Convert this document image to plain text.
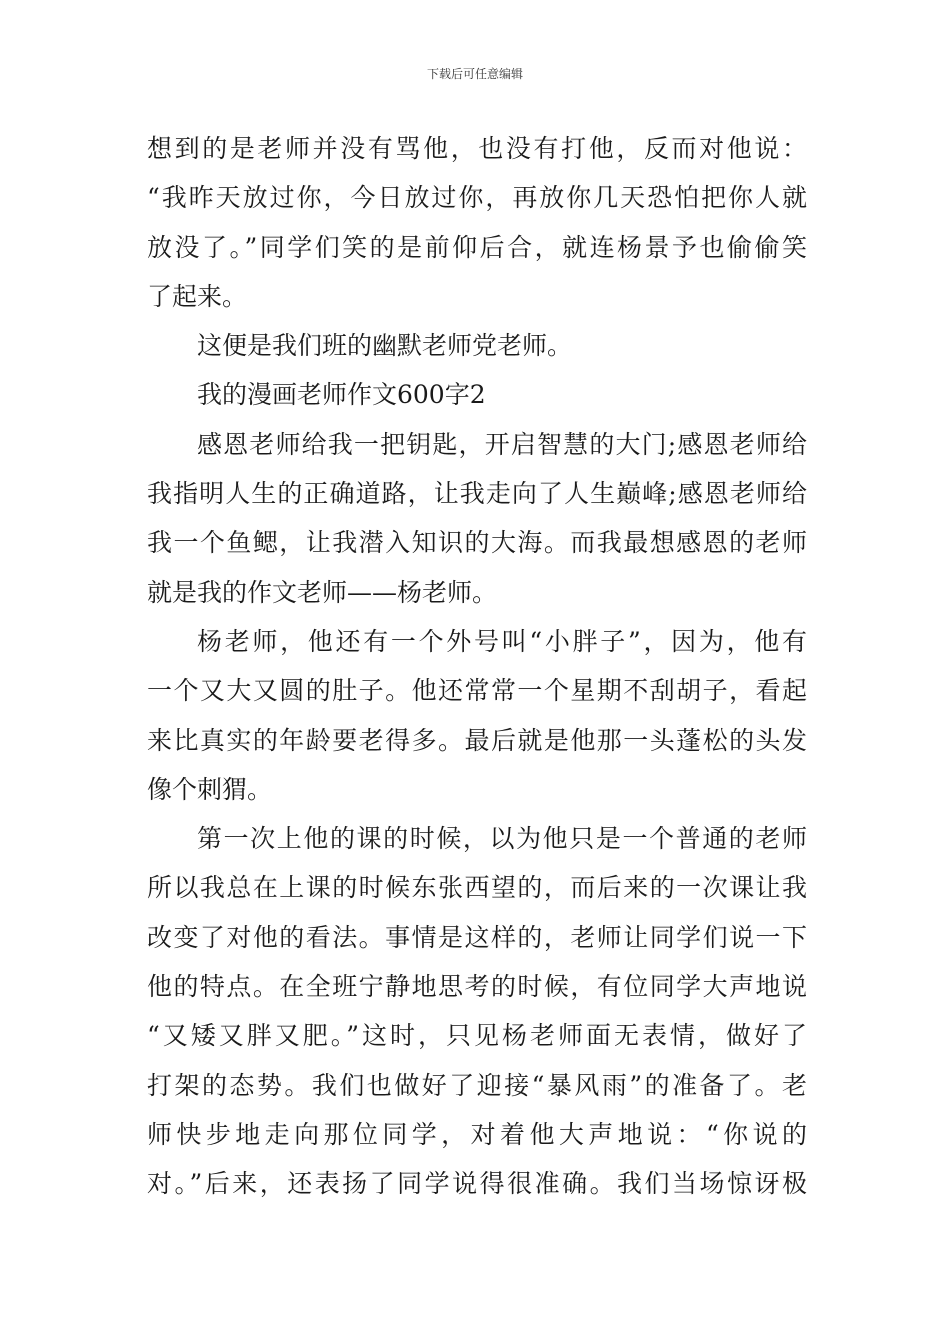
下载后可任意编辑
想到的是老师并没有骂他，也没有打他，反而对他说：
“我昨天放过你，今日放过你，再放你几天恐怕把你人就
放没了。”同学们笑的是前仰后合，就连杨景予也偷偷笑
了起来。
这便是我们班的幽默老师党老师。
我的漫画老师作文600字2
感恩老师给我一把钥匙，开启智慧的大门;感恩老师给
我指明人生的正确道路，让我走向了人生巅峰;感恩老师给
我一个鱼鳃，让我潜入知识的大海。而我最想感恩的老师
就是我的作文老师——杨老师。
杨老师，他还有一个外号叫“小胖子”，因为，他有
一个又大又圆的肚子。他还常常一个星期不刮胡子，看起
来比真实的年龄要老得多。最后就是他那一头蓬松的头发
像个刺猬。
第一次上他的课的时候，以为他只是一个普通的老师
所以我总在上课的时候东张西望的，而后来的一次课让我
改变了对他的看法。事情是这样的，老师让同学们说一下
他的特点。在全班宁静地思考的时候，有位同学大声地说
“又矮又胖又肥。”这时，只见杨老师面无表情，做好了
打架的态势。我们也做好了迎接“暴风雨”的准备了。老
师快步地走向那位同学，对着他大声地说：“你说的
对。”后来，还表扬了同学说得很准确。我们当场惊讶极
